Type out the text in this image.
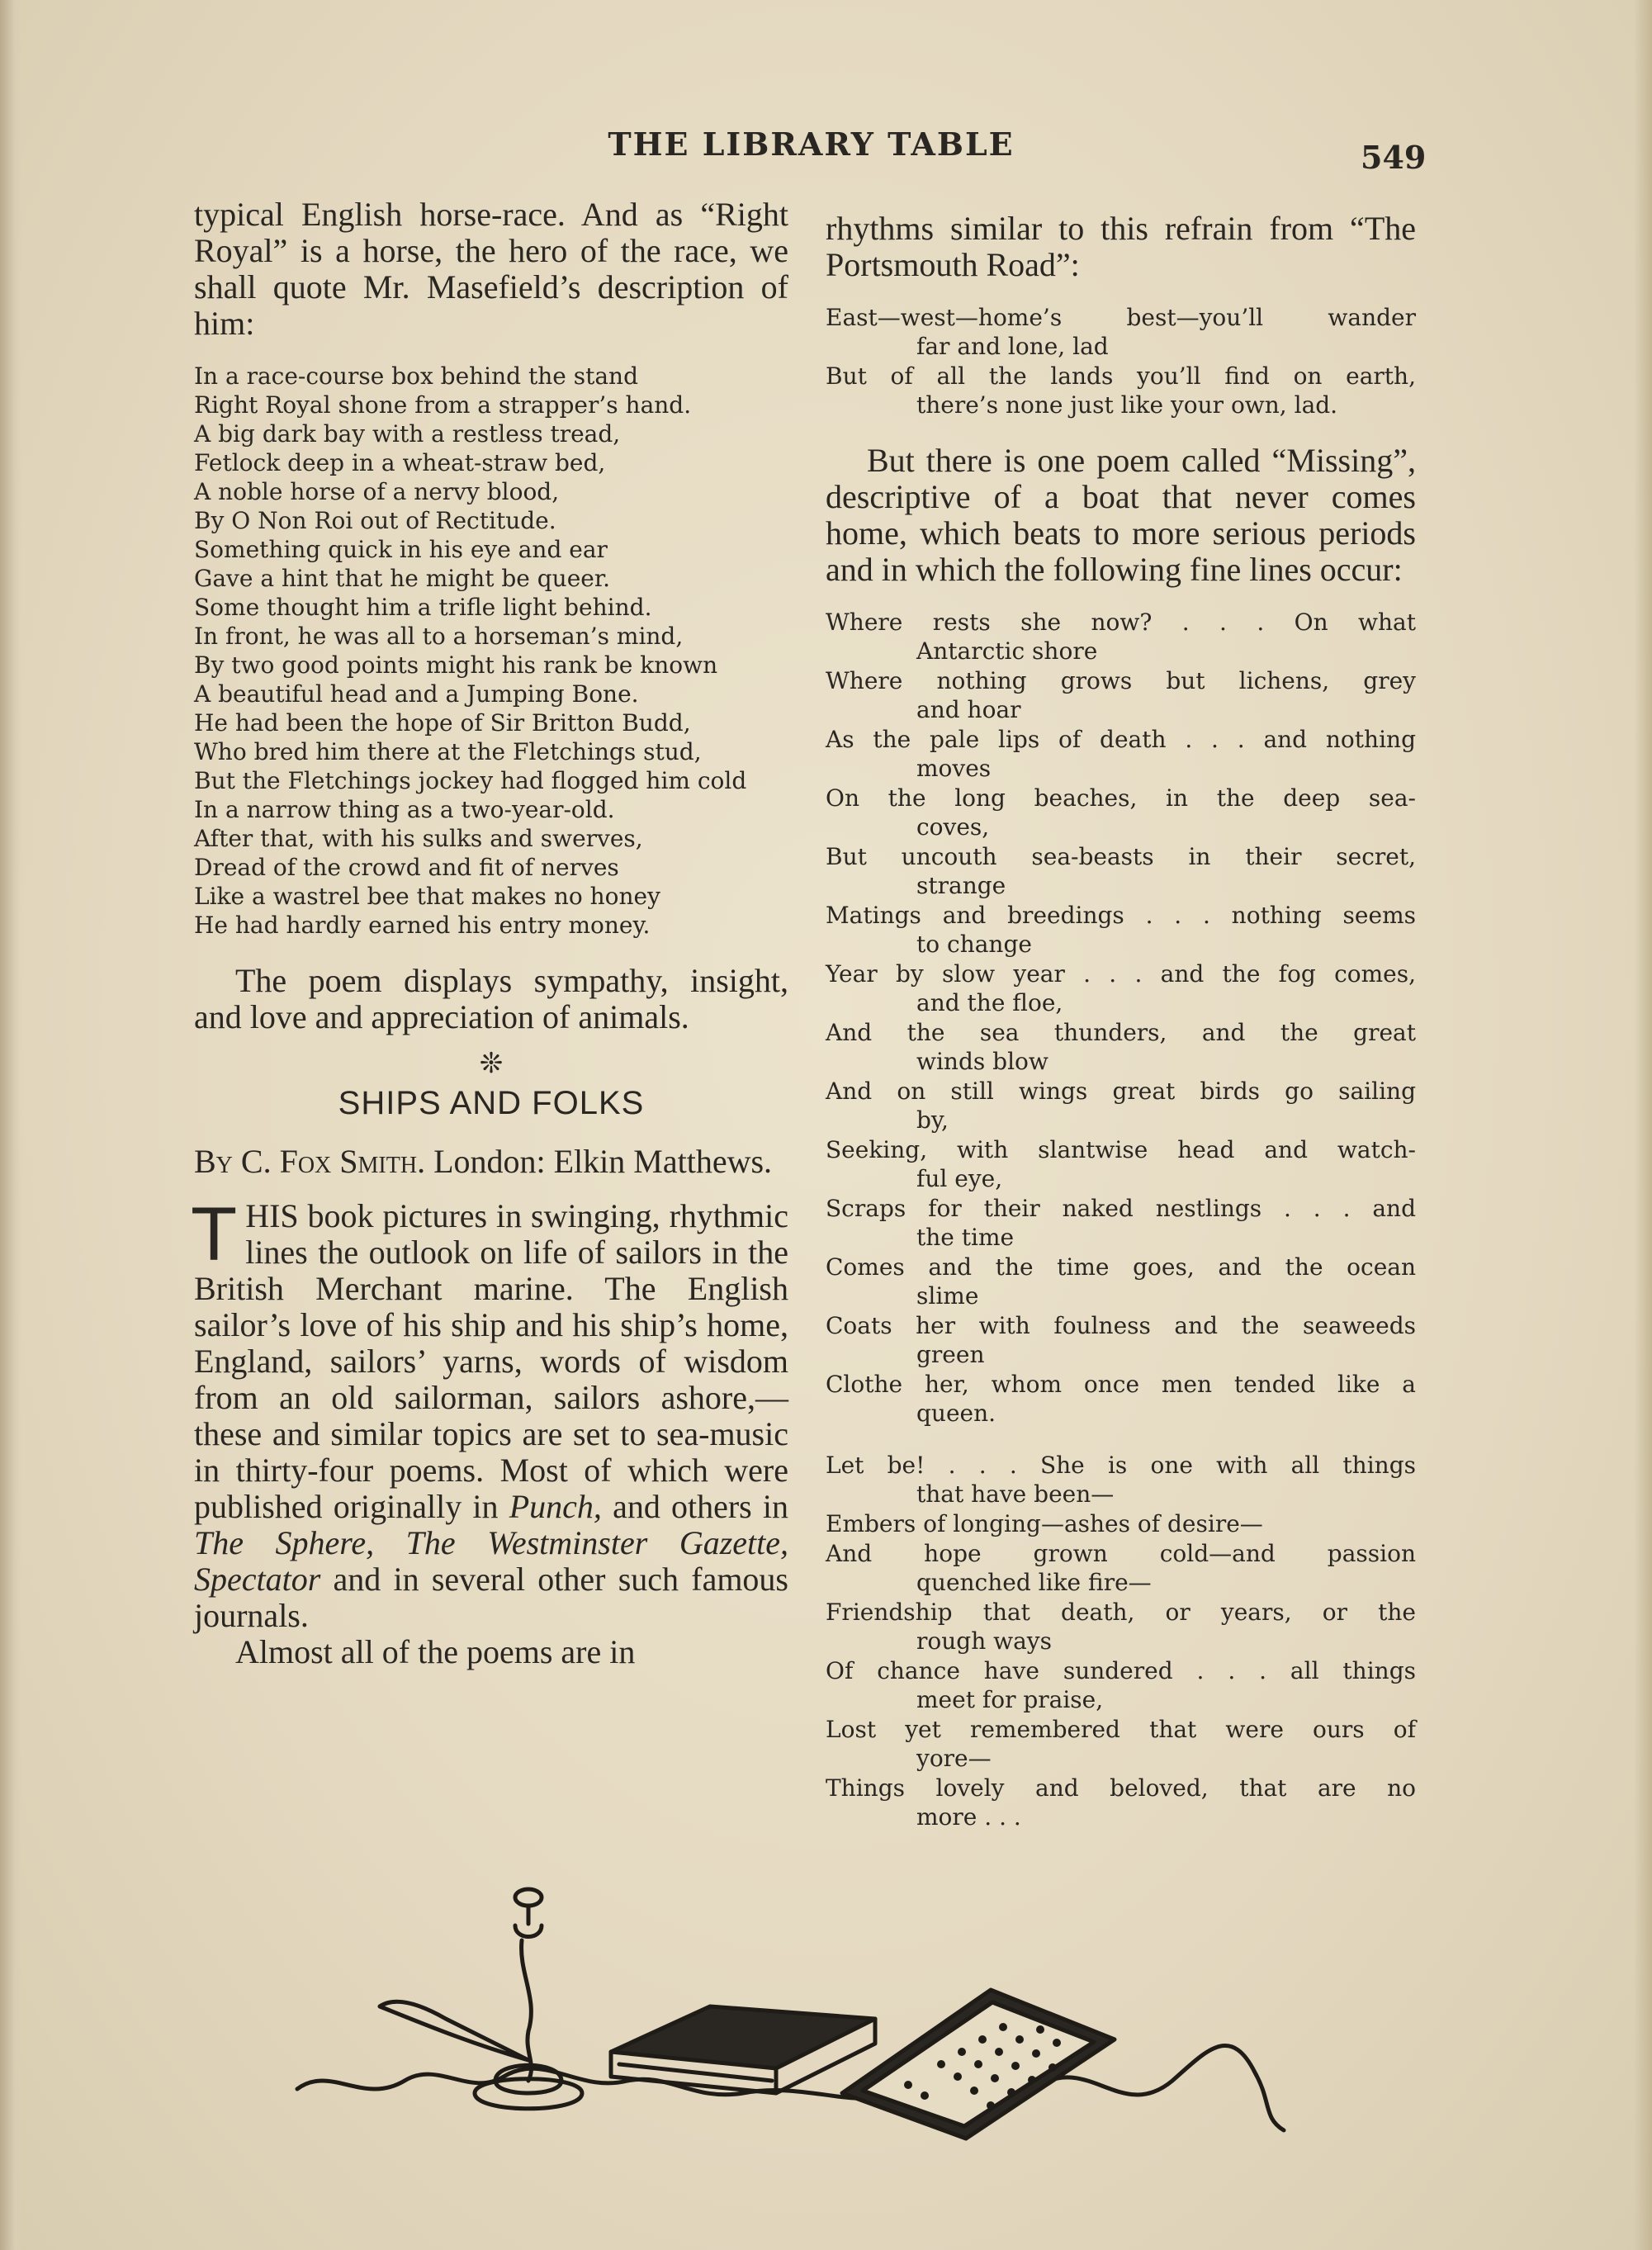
THE LIBRARY TABLE	549

typical English horse-race. And as “Right Royal” is a horse, the hero of the race, we shall quote Mr. Masefield’s description of him:

In a race-course box behind the stand
Right Royal shone from a strapper’s hand.
A big dark bay with a restless tread,
Fetlock deep in a wheat-straw bed,
A noble horse of a nervy blood,
By O Non Roi out of Rectitude.
Something quick in his eye and ear
Gave a hint that he might be queer.
Some thought him a trifle light behind.
In front, he was all to a horseman’s mind,
By two good points might his rank be known
A beautiful head and a Jumping Bone.
He had been the hope of Sir Britton Budd,
Who bred him there at the Fletchings stud,
But the Fletchings jockey had flogged him cold
In a narrow thing as a two-year-old.
After that, with his sulks and swerves,
Dread of the crowd and fit of nerves
Like a wastrel bee that makes no honey
He had hardly earned his entry money.

The poem displays sympathy, insight, and love and appreciation of animals.

❊
SHIPS AND FOLKS

By C. Fox Smith. London: Elkin Matthews.

THIS book pictures in swinging, rhythmic lines the outlook on life of sailors in the British Merchant marine. The English sailor’s love of his ship and his ship’s home, England, sailors’ yarns, words of wisdom from an old sailorman, sailors ashore,—these and similar topics are set to sea-music in thirty-four poems. Most of which were published originally in Punch, and others in The Sphere, The Westminster Gazette, Spectator and in several other such famous journals.

Almost all of the poems are in

rhythms similar to this refrain from “The Portsmouth Road”:

East—west—home’s best—you’ll wander
far and lone, lad
But of all the lands you’ll find on earth,
there’s none just like your own, lad.

But there is one poem called “Missing”, descriptive of a boat that never comes home, which beats to more serious periods and in which the following fine lines occur:

Where rests she now? . . . On what
Antarctic shore
Where nothing grows but lichens, grey
and hoar
As the pale lips of death . . . and nothing
moves
On the long beaches, in the deep sea-
coves,
But uncouth sea-beasts in their secret,
strange
Matings and breedings . . . nothing seems
to change
Year by slow year . . . and the fog comes,
and the floe,
And the sea thunders, and the great
winds blow
And on still wings great birds go sailing
by,
Seeking, with slantwise head and watch-
ful eye,
Scraps for their naked nestlings . . . and
the time
Comes and the time goes, and the ocean
slime
Coats her with foulness and the seaweeds
green
Clothe her, whom once men tended like a
queen.
Let be! . . . She is one with all things
that have been—
Embers of longing—ashes of desire—
And hope grown cold—and passion
quenched like fire—
Friendship that death, or years, or the
rough ways
Of chance have sundered . . . all things
meet for praise,
Lost yet remembered that were ours of
yore—
Things lovely and beloved, that are no
more . . .
